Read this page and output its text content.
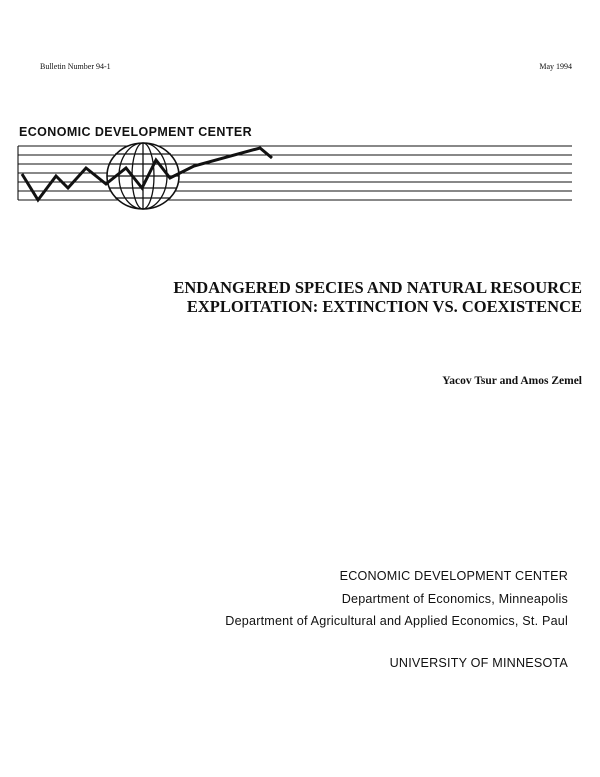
Bulletin Number 94-1	May 1994
ECONOMIC DEVELOPMENT CENTER
ENDANGERED SPECIES AND NATURAL RESOURCE
EXPLOITATION: EXTINCTION VS. COEXISTENCE
Yacov Tsur and Amos Zemel
ECONOMIC DEVELOPMENT CENTER
Department of Economics, Minneapolis
Department of Agricultural and Applied Economics, St. Paul
UNIVERSITY OF MINNESOTA
